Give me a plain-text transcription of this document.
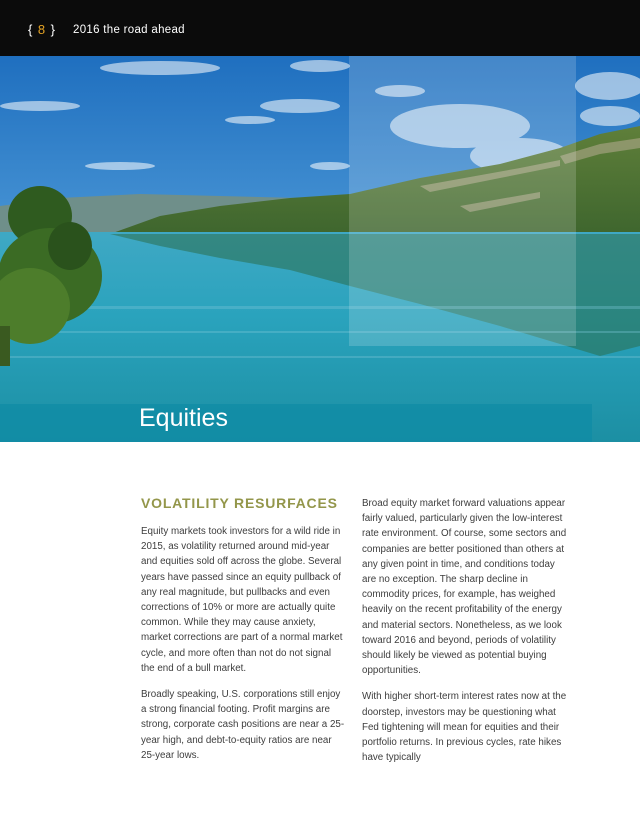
{ 8 } 2016 the road ahead
Equities
VOLATILITY RESURFACES

Equity markets took investors for a wild ride in 2015, as volatility returned around mid-year and equities sold off across the globe. Several years have passed since an equity pullback of any real magnitude, but pullbacks and even corrections of 10% or more are actually quite common. While they may cause anxiety, market corrections are part of a normal market cycle, and more often than not do not signal the end of a bull market.

Broadly speaking, U.S. corporations still enjoy a strong financial footing. Profit margins are strong, corporate cash positions are near a 25-year high, and debt-to-equity ratios are near 25-year lows.

Broad equity market forward valuations appear fairly valued, particularly given the low-interest rate environment. Of course, some sectors and companies are better positioned than others at any given point in time, and conditions today are no exception. The sharp decline in commodity prices, for example, has weighed heavily on the recent profitability of the energy and material sectors. Nonetheless, as we look toward 2016 and beyond, periods of volatility should likely be viewed as potential buying opportunities.

With higher short-term interest rates now at the doorstep, investors may be questioning what Fed tightening will mean for equities and their portfolio returns. In previous cycles, rate hikes have typically
